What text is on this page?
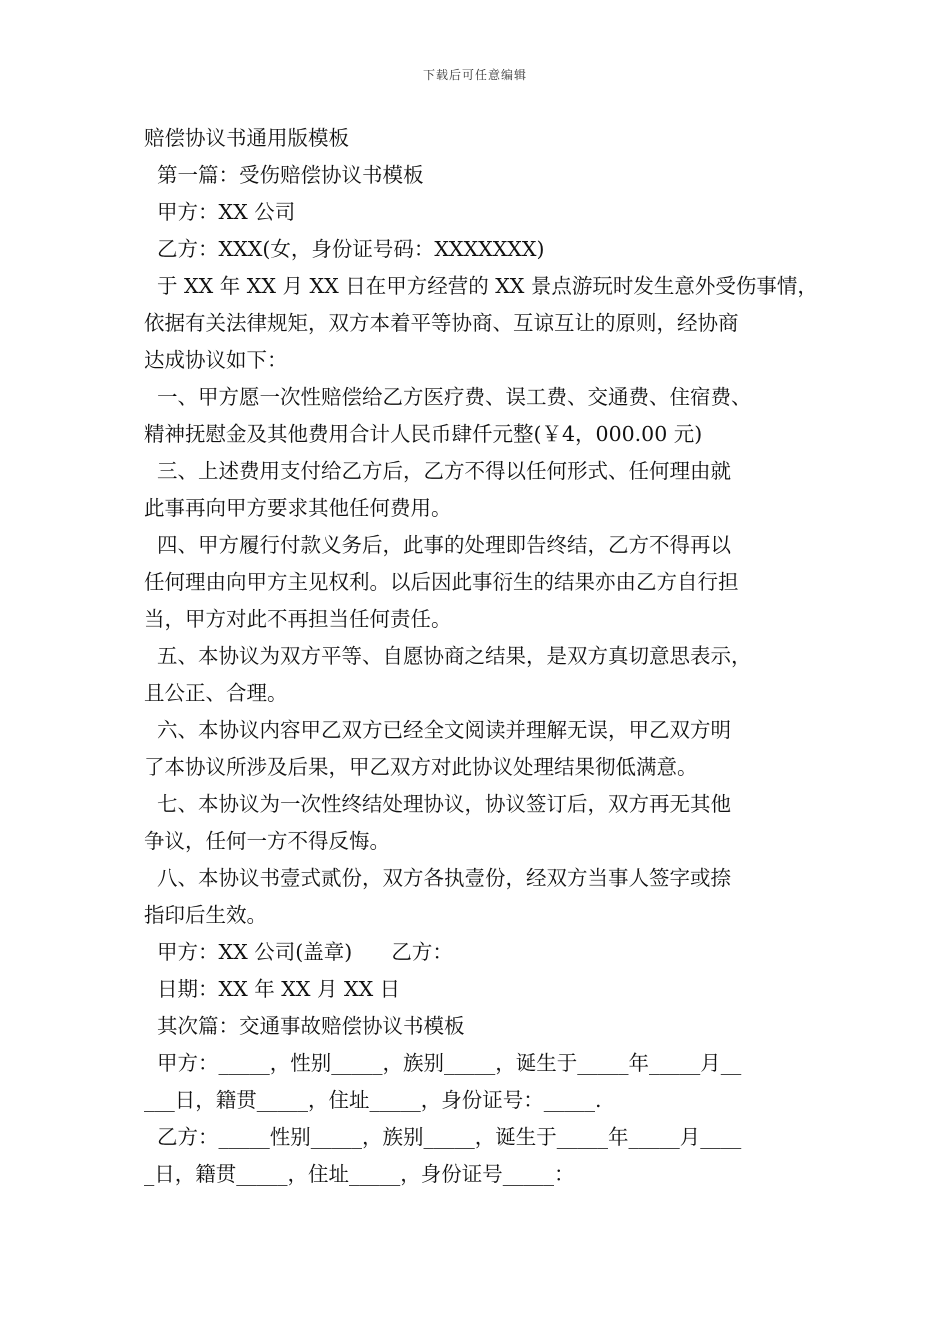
下载后可任意编辑

赔偿协议书通用版模板

第一篇：受伤赔偿协议书模板

甲方：XX 公司

乙方：XXX(女，身份证号码：XXXXXXX)

于 XX 年 XX 月 XX 日在甲方经营的 XX 景点游玩时发生意外受伤事情，

依据有关法律规矩，双方本着平等协商、互谅互让的原则，经协商

达成协议如下：

一、甲方愿一次性赔偿给乙方医疗费、误工费、交通费、住宿费、

精神抚慰金及其他费用合计人民币肆仟元整(￥4，000.00 元)

三、上述费用支付给乙方后，乙方不得以任何形式、任何理由就

此事再向甲方要求其他任何费用。

四、甲方履行付款义务后，此事的处理即告终结，乙方不得再以

任何理由向甲方主见权利。以后因此事衍生的结果亦由乙方自行担

当，甲方对此不再担当任何责任。

五、本协议为双方平等、自愿协商之结果，是双方真切意思表示，

且公正、合理。

六、本协议内容甲乙双方已经全文阅读并理解无误，甲乙双方明

了本协议所涉及后果，甲乙双方对此协议处理结果彻低满意。

七、本协议为一次性终结处理协议，协议签订后，双方再无其他

争议，任何一方不得反悔。

八、本协议书壹式贰份，双方各执壹份，经双方当事人签字或捺

指印后生效。

甲方：XX 公司(盖章)      乙方：

日期：XX 年 XX 月 XX 日

其次篇：交通事故赔偿协议书模板

甲方：_____，性别_____，族别_____，诞生于_____年_____月__

___日，籍贯_____，住址_____，身份证号：_____.

乙方：_____性别_____，族别_____，诞生于_____年_____月____

_日，籍贯_____，住址_____，身份证号_____：
